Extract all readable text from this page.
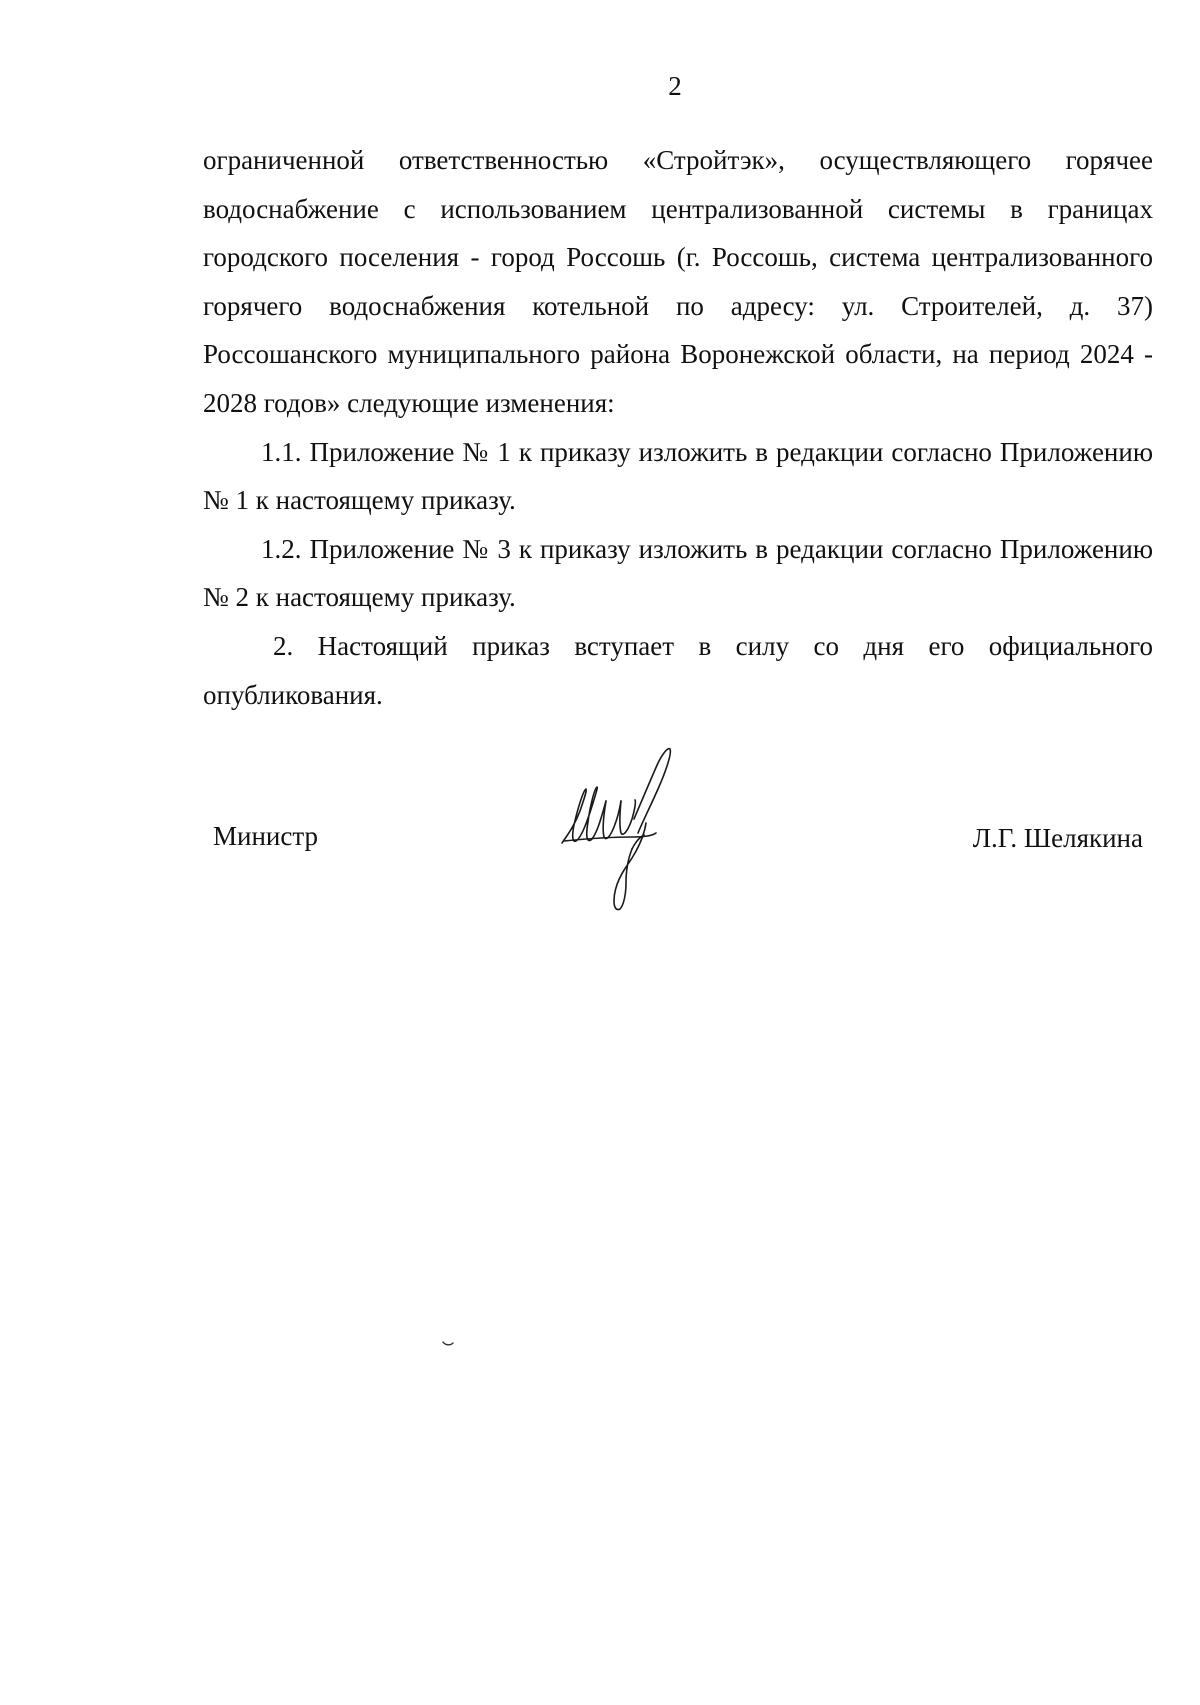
2

ограниченной ответственностью «Стройтэк», осуществляющего горячее водоснабжение с использованием централизованной системы в границах городского поселения - город Россошь (г. Россошь, система централизованного горячего водоснабжения котельной по адресу: ул. Строителей, д. 37) Россошанского муниципального района Воронежской области, на период 2024 - 2028 годов» следующие изменения:

1.1. Приложение № 1 к приказу изложить в редакции согласно Приложению № 1 к настоящему приказу.

1.2. Приложение № 3 к приказу изложить в редакции согласно Приложению № 2 к настоящему приказу.

2. Настоящий приказ вступает в силу со дня его официального опубликования.

Министр	Л.Г. Шелякина
